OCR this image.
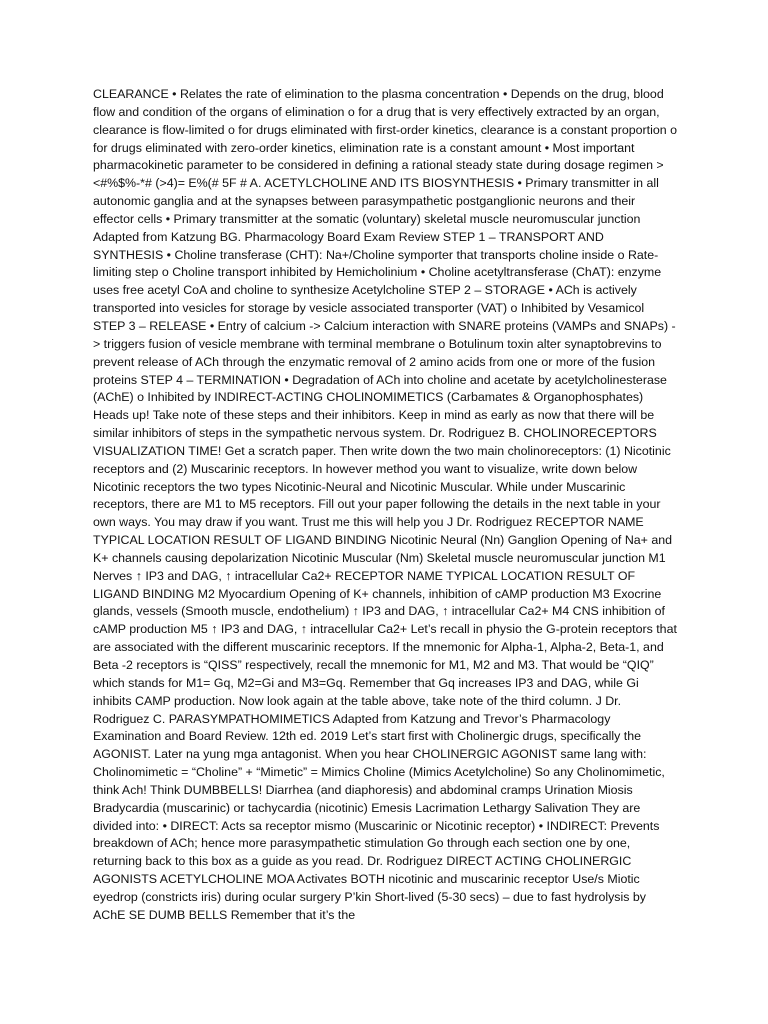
CLEARANCE • Relates the rate of elimination to the plasma concentration • Depends on the drug, blood flow and condition of the organs of elimination o for a drug that is very effectively extracted by an organ, clearance is flow-limited o for drugs eliminated with first-order kinetics, clearance is a constant proportion o for drugs eliminated with zero-order kinetics, elimination rate is a constant amount • Most important pharmacokinetic parameter to be considered in defining a rational steady state during dosage regimen ><#%$%-*# (>4)= E%(# 5F # A. ACETYLCHOLINE AND ITS BIOSYNTHESIS • Primary transmitter in all autonomic ganglia and at the synapses between parasympathetic postganglionic neurons and their effector cells • Primary transmitter at the somatic (voluntary) skeletal muscle neuromuscular junction Adapted from Katzung BG. Pharmacology Board Exam Review STEP 1 – TRANSPORT AND SYNTHESIS • Choline transferase (CHT): Na+/Choline symporter that transports choline inside o Rate-limiting step o Choline transport inhibited by Hemicholinium • Choline acetyltransferase (ChAT): enzyme uses free acetyl CoA and choline to synthesize Acetylcholine STEP 2 – STORAGE • ACh is actively transported into vesicles for storage by vesicle associated transporter (VAT) o Inhibited by Vesamicol STEP 3 – RELEASE • Entry of calcium -> Calcium interaction with SNARE proteins (VAMPs and SNAPs) -> triggers fusion of vesicle membrane with terminal membrane o Botulinum toxin alter synaptobrevins to prevent release of ACh through the enzymatic removal of 2 amino acids from one or more of the fusion proteins STEP 4 – TERMINATION • Degradation of ACh into choline and acetate by acetylcholinesterase (AChE) o Inhibited by INDIRECT-ACTING CHOLINOMIMETICS (Carbamates & Organophosphates) Heads up! Take note of these steps and their inhibitors. Keep in mind as early as now that there will be similar inhibitors of steps in the sympathetic nervous system. Dr. Rodriguez B. CHOLINORECEPTORS VISUALIZATION TIME! Get a scratch paper. Then write down the two main cholinoreceptors: (1) Nicotinic receptors and (2) Muscarinic receptors. In however method you want to visualize, write down below Nicotinic receptors the two types Nicotinic-Neural and Nicotinic Muscular. While under Muscarinic receptors, there are M1 to M5 receptors. Fill out your paper following the details in the next table in your own ways. You may draw if you want. Trust me this will help you J Dr. Rodriguez RECEPTOR NAME TYPICAL LOCATION RESULT OF LIGAND BINDING Nicotinic Neural (Nn) Ganglion Opening of Na+ and K+ channels causing depolarization Nicotinic Muscular (Nm) Skeletal muscle neuromuscular junction M1 Nerves ↑ IP3 and DAG, ↑ intracellular Ca2+ RECEPTOR NAME TYPICAL LOCATION RESULT OF LIGAND BINDING M2 Myocardium Opening of K+ channels, inhibition of cAMP production M3 Exocrine glands, vessels (Smooth muscle, endothelium) ↑ IP3 and DAG, ↑ intracellular Ca2+ M4 CNS inhibition of cAMP production M5 ↑ IP3 and DAG, ↑ intracellular Ca2+ Let’s recall in physio the G-protein receptors that are associated with the different muscarinic receptors. If the mnemonic for Alpha-1, Alpha-2, Beta-1, and Beta -2 receptors is “QISS” respectively, recall the mnemonic for M1, M2 and M3. That would be “QIQ” which stands for M1= Gq, M2=Gi and M3=Gq. Remember that Gq increases IP3 and DAG, while Gi inhibits CAMP production. Now look again at the table above, take note of the third column. J Dr. Rodriguez C. PARASYMPATHOMIMETICS Adapted from Katzung and Trevor’s Pharmacology Examination and Board Review. 12th ed. 2019 Let’s start first with Cholinergic drugs, specifically the AGONIST. Later na yung mga antagonist. When you hear CHOLINERGIC AGONIST same lang with: Cholinomimetic = “Choline” + “Mimetic” = Mimics Choline (Mimics Acetylcholine) So any Cholinomimetic, think Ach! Think DUMBBELLS! Diarrhea (and diaphoresis) and abdominal cramps Urination Miosis Bradycardia (muscarinic) or tachycardia (nicotinic) Emesis Lacrimation Lethargy Salivation They are divided into: • DIRECT: Acts sa receptor mismo (Muscarinic or Nicotinic receptor) • INDIRECT: Prevents breakdown of ACh; hence more parasympathetic stimulation Go through each section one by one, returning back to this box as a guide as you read. Dr. Rodriguez DIRECT ACTING CHOLINERGIC AGONISTS ACETYLCHOLINE MOA Activates BOTH nicotinic and muscarinic receptor Use/s Miotic eyedrop (constricts iris) during ocular surgery P’kin Short-lived (5-30 secs) – due to fast hydrolysis by AChE SE DUMB BELLS Remember that it’s the
